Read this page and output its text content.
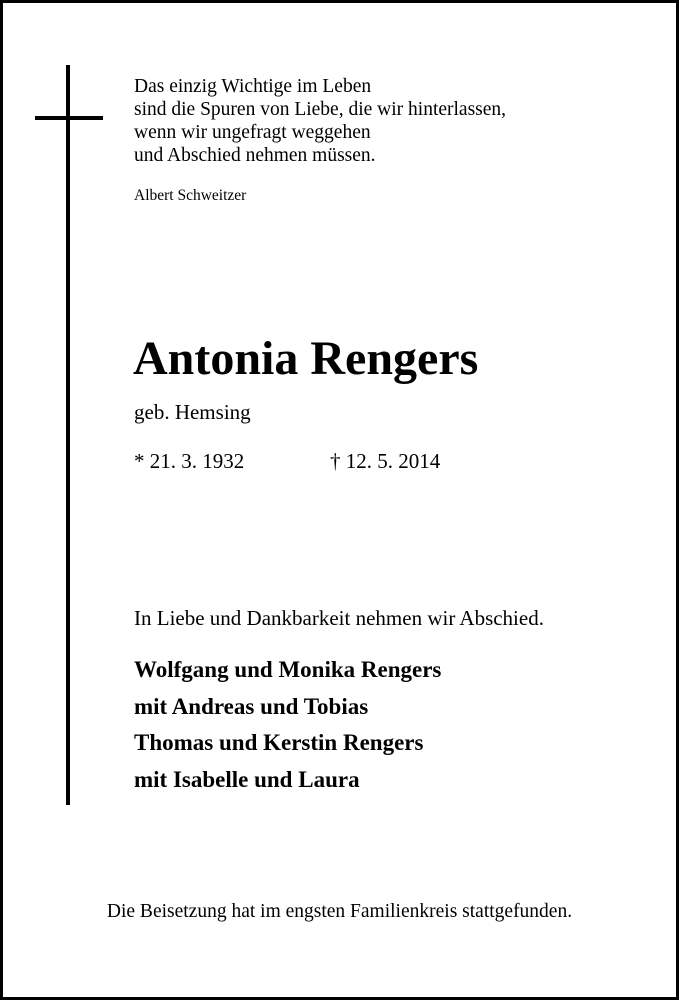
Das einzig Wichtige im Leben
sind die Spuren von Liebe, die wir hinterlassen,
wenn wir ungefragt weggehen
und Abschied nehmen müssen.
Albert Schweitzer
Antonia Rengers
geb. Hemsing
* 21. 3. 1932	† 12. 5. 2014
In Liebe und Dankbarkeit nehmen wir Abschied.
Wolfgang und Monika Rengers
mit Andreas und Tobias
Thomas und Kerstin Rengers
mit Isabelle und Laura
Die Beisetzung hat im engsten Familienkreis stattgefunden.
